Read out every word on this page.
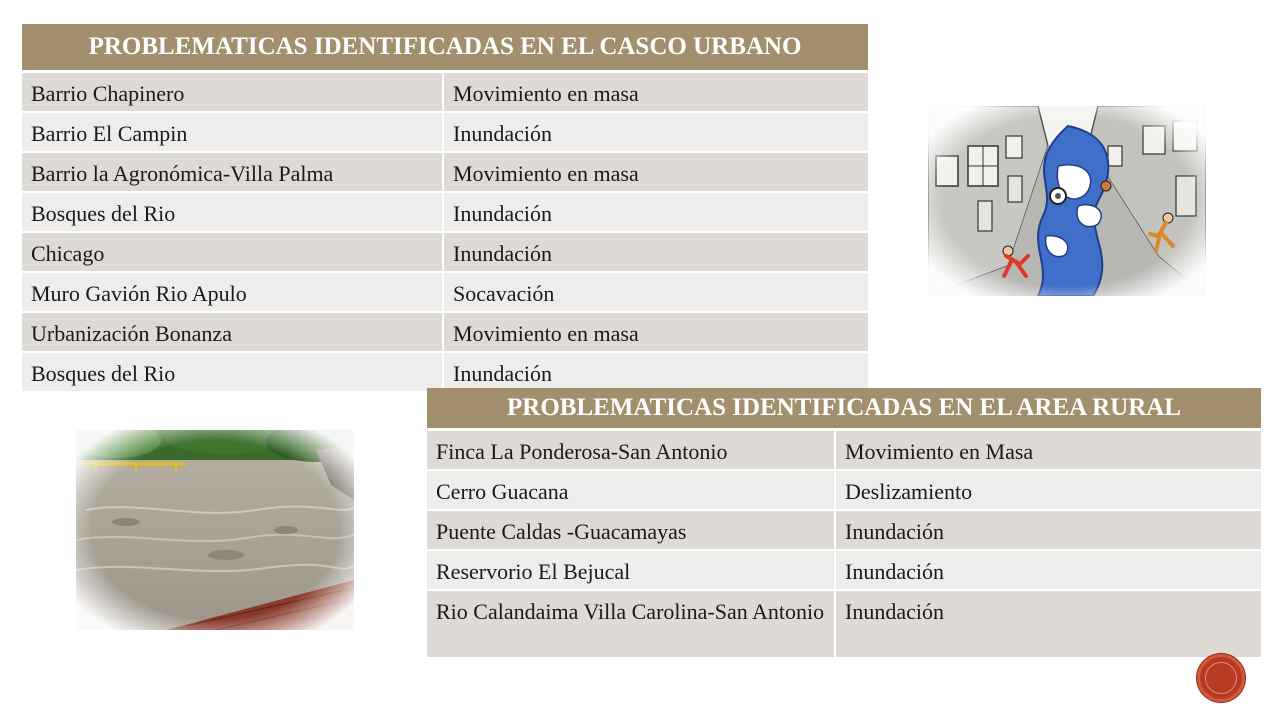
PROBLEMATICAS IDENTIFICADAS EN EL CASCO URBANO	
Barrio Chapinero	Movimiento en masa
Barrio El Campin	Inundación
Barrio la Agronómica-Villa Palma	Movimiento en masa
Bosques del Rio	Inundación
Chicago	Inundación
Muro Gavión Rio Apulo	Socavación
Urbanización Bonanza	Movimiento en masa
Bosques del Rio	Inundación
PROBLEMATICAS IDENTIFICADAS EN EL AREA RURAL	
Finca La Ponderosa-San Antonio	Movimiento en Masa
Cerro Guacana	Deslizamiento
Puente Caldas -Guacamayas	Inundación
Reservorio El Bejucal	Inundación
Rio Calandaima Villa Carolina-San Antonio	Inundación
